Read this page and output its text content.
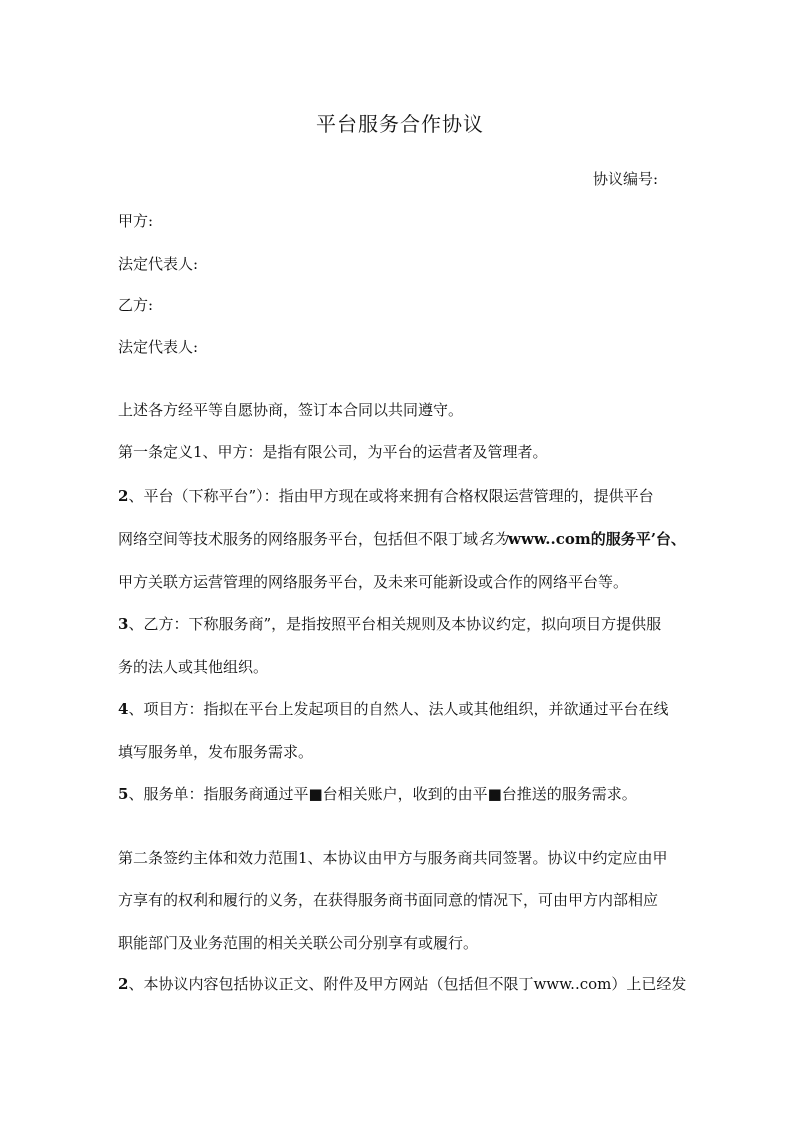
平台服务合作协议
协议编号:
甲方:
法定代表人:
乙方:
法定代表人:
上述各方经平等自愿协商，签订本合同以共同遵守。
第一条定义1、甲方：是指有限公司，为平台的运营者及管理者。
2、平台（下称平台”）：指由甲方现在或将来拥有合格权限运营管理的，提供平台
网络空间等技术服务的网络服务平台，包括但不限丁域名为www..com的服务平’台、
甲方关联方运营管理的网络服务平台，及未来可能新设或合作的网络平台等。
3、乙方：下称服务商”，是指按照平台相关规则及本协议约定，拟向项目方提供服
务的法人或其他组织。
4、项目方：指拟在平台上发起项目的自然人、法人或其他组织，并欲通过平台在线
填写服务单，发布服务需求。
5、服务单：指服务商通过平■台相关账户，收到的由平■台推送的服务需求。
第二条签约主体和效力范围1、本协议由甲方与服务商共同签署。协议中约定应由甲
方享有的权利和履行的义务，在获得服务商书面同意的情况下，可由甲方内部相应
职能部门及业务范围的相关关联公司分别享有或履行。
2、本协议内容包括协议正文、附件及甲方网站（包括但不限丁www..com）上已经发
